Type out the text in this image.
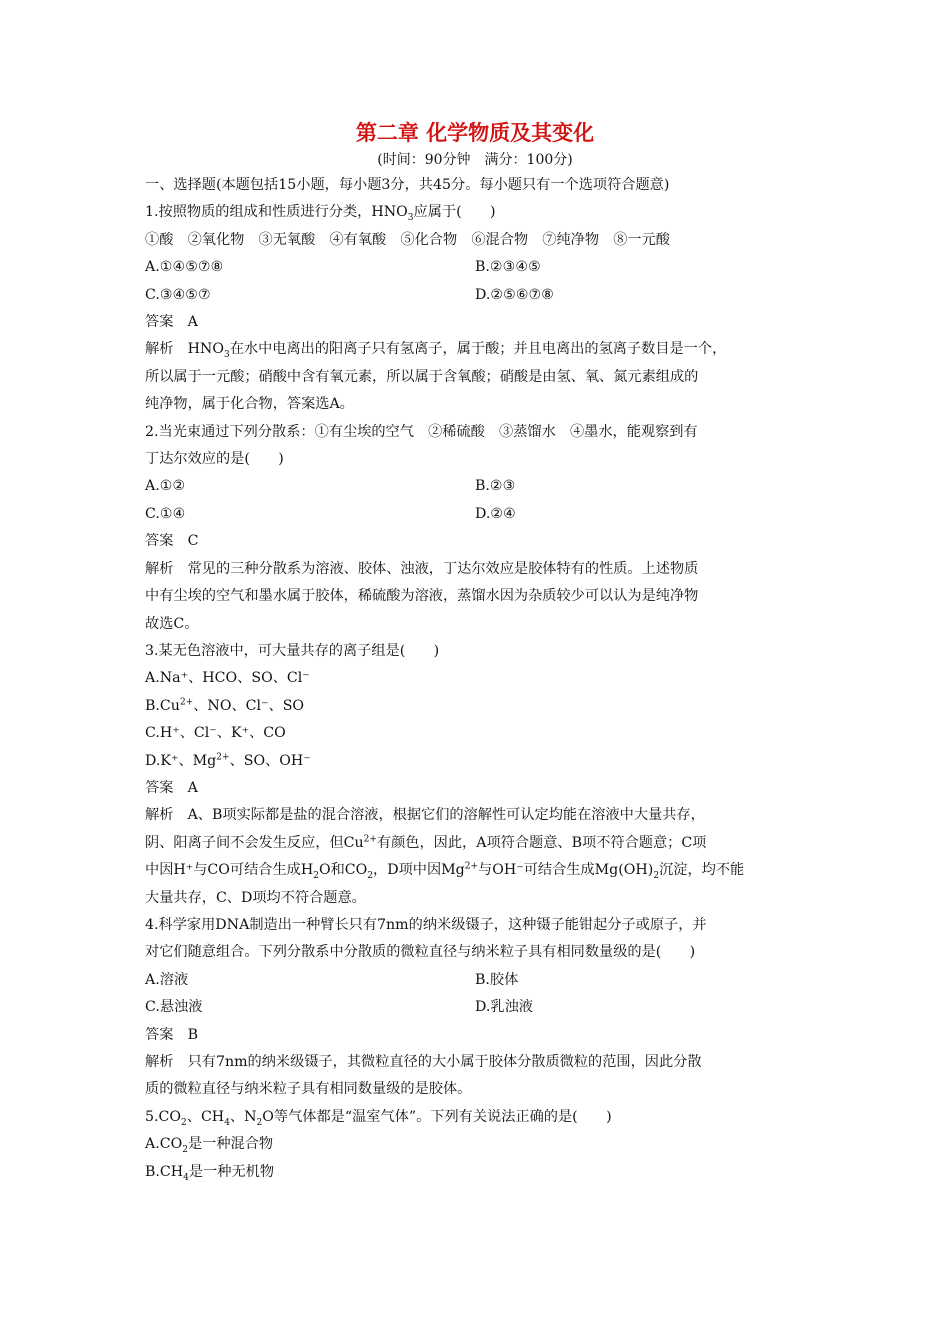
第二章 化学物质及其变化
(时间：90分钟　满分：100分)
一、选择题(本题包括15小题，每小题3分，共45分。每小题只有一个选项符合题意)
1.按照物质的组成和性质进行分类，$HNO_3$应属于(　　)
①酸　②氧化物　③无氧酸　④有氧酸　⑤化合物　⑥混合物　⑦纯净物　⑧一元酸
A.①④⑤⑦⑧	B.②③④⑤
C.③④⑤⑦	D.②⑤⑥⑦⑧
答案　A
解析　$HNO_3$在水中电离出的阳离子只有氢离子，属于酸；并且电离出的氢离子数目是一个，
所以属于一元酸；硝酸中含有氧元素，所以属于含氧酸；硝酸是由氢、氧、氮元素组成的
纯净物，属于化合物，答案选A。
2.当光束通过下列分散系：①有尘埃的空气　②稀硫酸　③蒸馏水　④墨水，能观察到有
丁达尔效应的是(　　)
A.①②	B.②③
C.①④	D.②④
答案　C
解析　常见的三种分散系为溶液、胶体、浊液，丁达尔效应是胶体特有的性质。上述物质
中有尘埃的空气和墨水属于胶体，稀硫酸为溶液，蒸馏水因为杂质较少可以认为是纯净物
故选C。
3.某无色溶液中，可大量共存的离子组是(　　)
A.Na⁺、HCO、SO、Cl⁻
$B.Cu^{2+}$、NO、Cl⁻、SO
C.H⁺、Cl⁻、K⁺、CO
D.K⁺、$Mg^{2+}$、SO、OH⁻
答案　A
解析　A、B项实际都是盐的混合溶液，根据它们的溶解性可认定均能在溶液中大量共存，
阴、阳离子间不会发生反应，但$Cu^{2+}$有颜色，因此，A项符合题意、B项不符合题意；C项
中因H⁺与CO可结合生成$H_2O$和$CO_2$，D项中因$Mg^{2+}$与OH⁻可结合生成$Mg(OH)_2$沉淀，均不能
大量共存，C、D项均不符合题意。
4.科学家用DNA制造出一种臂长只有7nm的纳米级镊子，这种镊子能钳起分子或原子，并
对它们随意组合。下列分散系中分散质的微粒直径与纳米粒子具有相同数量级的是(　　)
A.溶液	B.胶体
C.悬浊液	D.乳浊液
答案　B
解析　只有7nm的纳米级镊子，其微粒直径的大小属于胶体分散质微粒的范围，因此分散
质的微粒直径与纳米粒子具有相同数量级的是胶体。
$5.CO_2$、$CH_4$、$N_2O$等气体都是“温室气体”。下列有关说法正确的是(　　)
$A.CO_2$是一种混合物
$B.CH_4$是一种无机物
